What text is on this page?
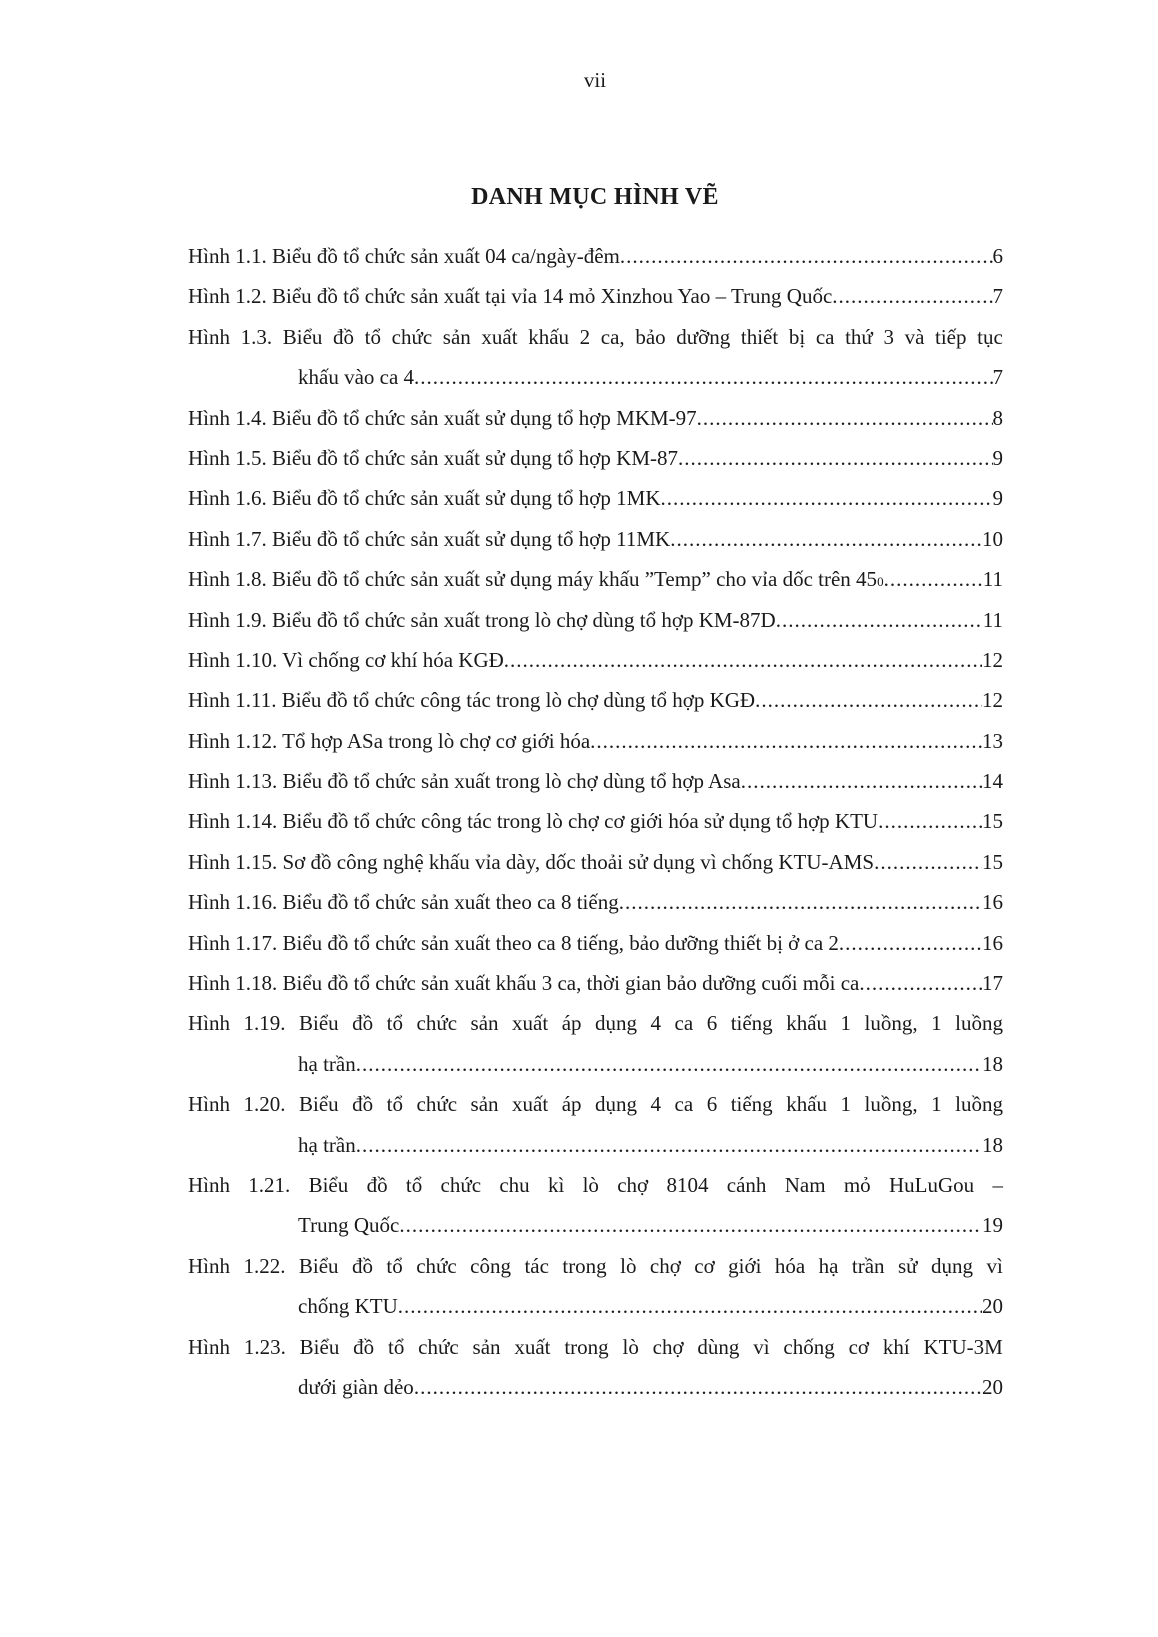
vii
DANH MỤC HÌNH VẼ
Hình 1.1. Biểu đồ tổ chức sản xuất 04 ca/ngày-đêm .....	6
Hình 1.2. Biểu đồ tổ chức sản xuất tại vỉa 14 mỏ Xinzhou Yao – Trung Quốc .....	7
Hình 1.3. Biểu đồ tổ chức sản xuất khấu 2 ca, bảo dưỡng thiết bị ca thứ 3 và tiếp tục
khấu vào ca 4 .....	7
Hình 1.4. Biểu đồ tổ chức sản xuất sử dụng tổ hợp MKM-97 .....	8
Hình 1.5. Biểu đồ tổ chức sản xuất sử dụng tổ hợp KM-87 .....	9
Hình 1.6. Biểu đồ tổ chức sản xuất sử dụng tổ hợp 1MK .....	9
Hình 1.7. Biểu đồ tổ chức sản xuất sử dụng tổ hợp 11MK .....	10
Hình 1.8. Biểu đồ tổ chức sản xuất sử dụng máy khấu ”Temp” cho vỉa dốc trên 45 0 .....	11
Hình 1.9. Biểu đồ tổ chức sản xuất trong lò chợ dùng tổ hợp KM-87D .....	11
Hình 1.10. Vì chống cơ khí hóa KGĐ .....	12
Hình 1.11. Biểu đồ tổ chức công tác trong lò chợ dùng tổ hợp KGĐ .....	12
Hình 1.12. Tổ hợp ASa trong lò chợ cơ giới hóa .....	13
Hình 1.13. Biểu đồ tổ chức sản xuất trong lò chợ dùng tổ hợp Asa .....	14
Hình 1.14. Biểu đồ tổ chức công tác trong lò chợ cơ giới hóa sử dụng tổ hợp KTU .....	15
Hình 1.15. Sơ đồ công nghệ khấu vỉa dày, dốc thoải sử dụng vì chống KTU-AMS .....	15
Hình 1.16. Biểu đồ tổ chức sản xuất theo ca 8 tiếng .....	16
Hình 1.17. Biểu đồ tổ chức sản xuất theo ca 8 tiếng, bảo dưỡng thiết bị ở ca 2 .....	16
Hình 1.18. Biểu đồ tổ chức sản xuất khấu 3 ca, thời gian bảo dưỡng cuối mỗi ca .....	17
Hình 1.19. Biểu đồ tổ chức sản xuất áp dụng 4 ca 6 tiếng khấu 1 luồng, 1 luồng
hạ trần .....	18
Hình 1.20. Biểu đồ tổ chức sản xuất áp dụng 4 ca 6 tiếng khấu 1 luồng, 1 luồng
hạ trần .....	18
Hình 1.21. Biểu đồ tổ chức chu kì lò chợ 8104 cánh Nam mỏ HuLuGou –
Trung Quốc .....	19
Hình 1.22. Biểu đồ tổ chức công tác trong lò chợ cơ giới hóa hạ trần sử dụng vì
chống KTU .....	20
Hình 1.23. Biểu đồ tổ chức sản xuất trong lò chợ dùng vì chống cơ khí KTU-3M
dưới giàn dẻo .....	20
